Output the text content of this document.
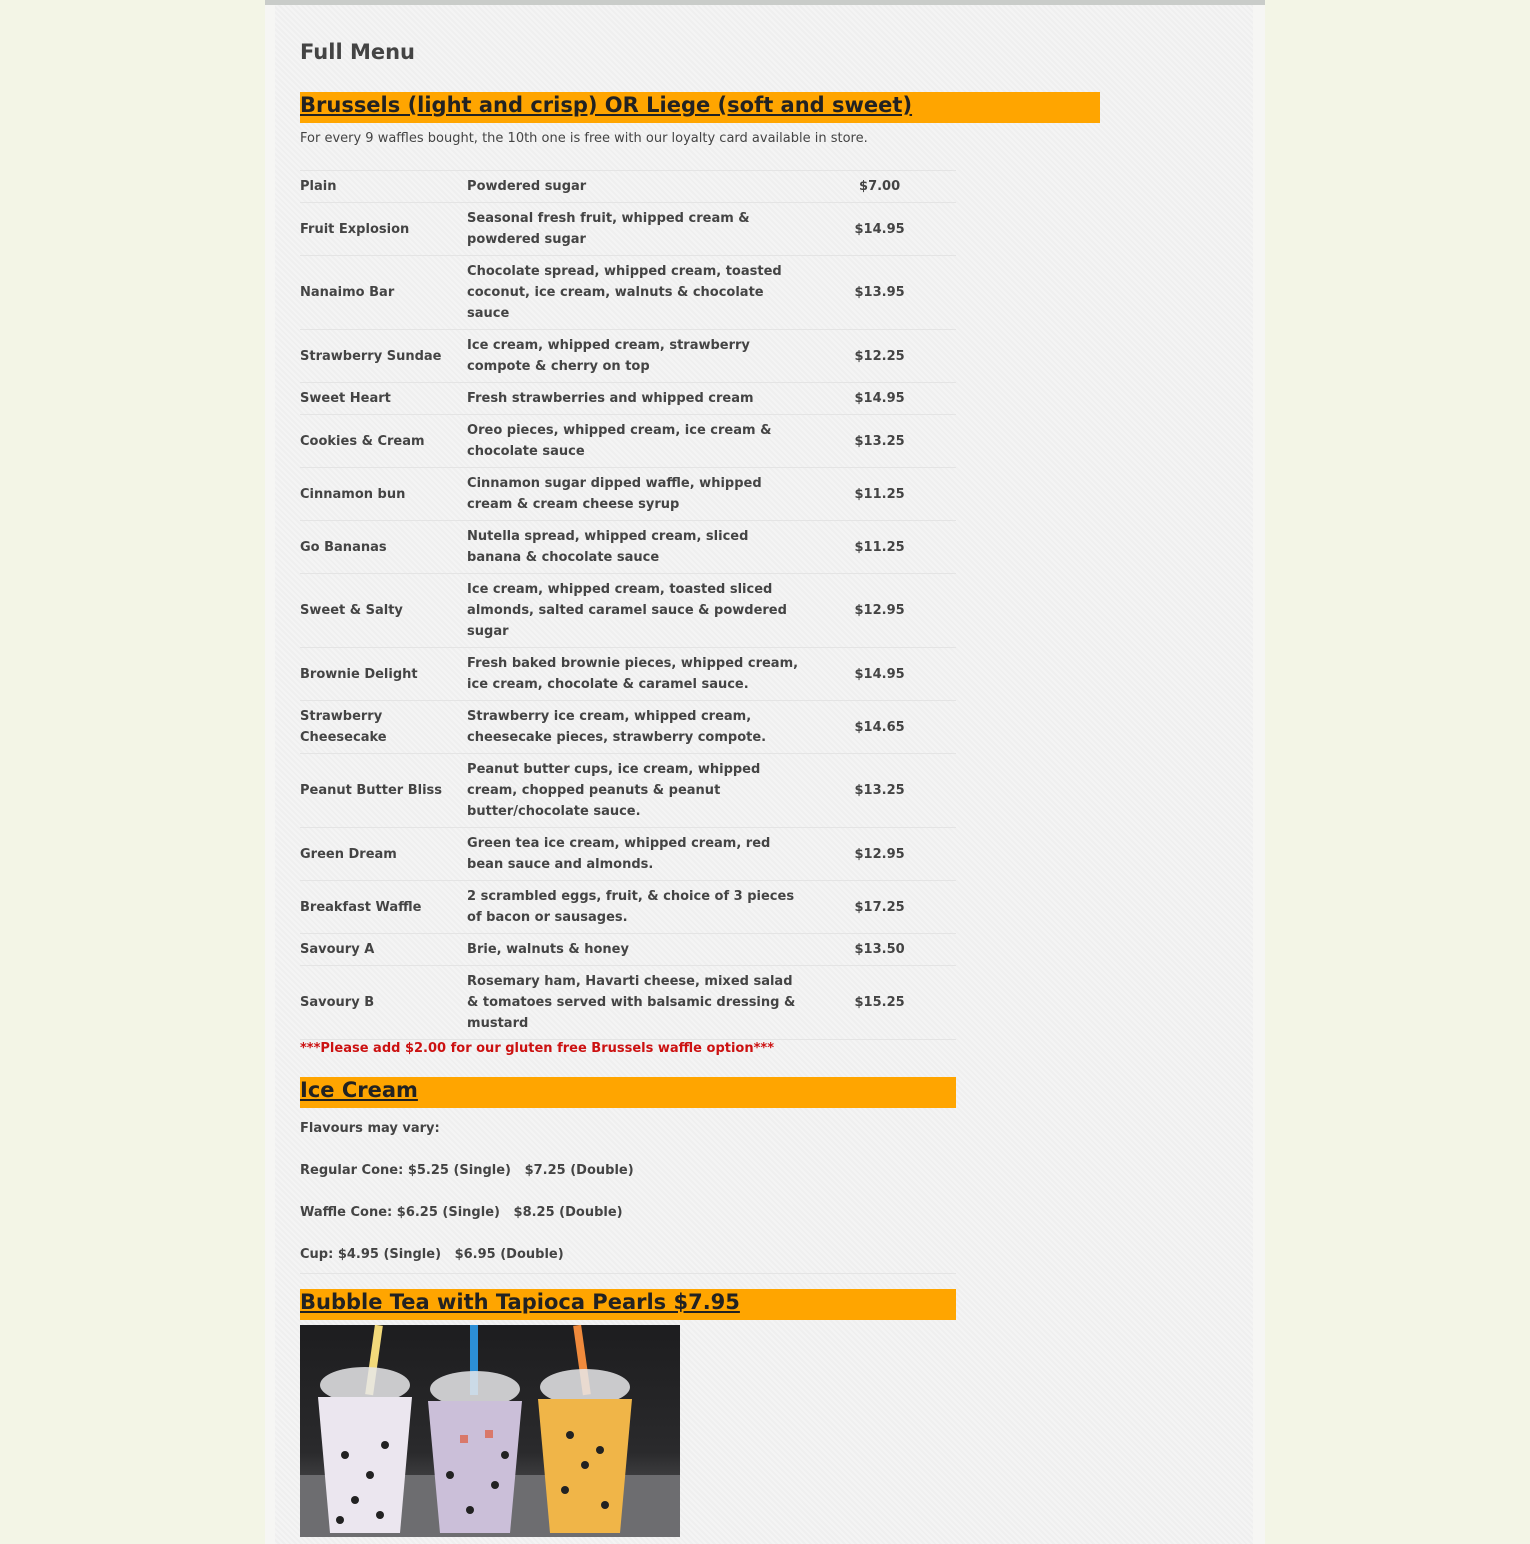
Full Menu
Brussels (light and crisp) OR Liege (soft and sweet)
For every 9 waffles bought, the 10th one is free with our loyalty card available in store.
Plain	Powdered sugar	$7.00
Fruit Explosion	Seasonal fresh fruit, whipped cream & powdered sugar	$14.95
Nanaimo Bar	Chocolate spread, whipped cream, toasted coconut, ice cream, walnuts & chocolate sauce	$13.95
Strawberry Sundae	Ice cream, whipped cream, strawberry compote & cherry on top	$12.25
Sweet Heart	Fresh strawberries and whipped cream	$14.95
Cookies & Cream	Oreo pieces, whipped cream, ice cream & chocolate sauce	$13.25
Cinnamon bun	Cinnamon sugar dipped waffle, whipped cream & cream cheese syrup	$11.25
Go Bananas	Nutella spread, whipped cream, sliced banana & chocolate sauce	$11.25
Sweet & Salty	Ice cream, whipped cream, toasted sliced almonds, salted caramel sauce & powdered sugar	$12.95
Brownie Delight	Fresh baked brownie pieces, whipped cream, ice cream, chocolate & caramel sauce.	$14.95
Strawberry Cheesecake	Strawberry ice cream, whipped cream, cheesecake pieces, strawberry compote.	$14.65
Peanut Butter Bliss	Peanut butter cups, ice cream, whipped cream, chopped peanuts & peanut butter/chocolate sauce.	$13.25
Green Dream	Green tea ice cream, whipped cream, red bean sauce and almonds.	$12.95
Breakfast Waffle	2 scrambled eggs, fruit, & choice of 3 pieces of bacon or sausages.	$17.25
Savoury A	Brie, walnuts & honey	$13.50
Savoury B	Rosemary ham, Havarti cheese, mixed salad & tomatoes served with balsamic dressing & mustard	$15.25
***Please add $2.00 for our gluten free Brussels waffle option***
Ice Cream
Flavours may vary:
Regular Cone: $5.25 (Single)   $7.25 (Double)
Waffle Cone: $6.25 (Single)   $8.25 (Double)
Cup: $4.95 (Single)   $6.95 (Double)
Bubble Tea with Tapioca Pearls $7.95
